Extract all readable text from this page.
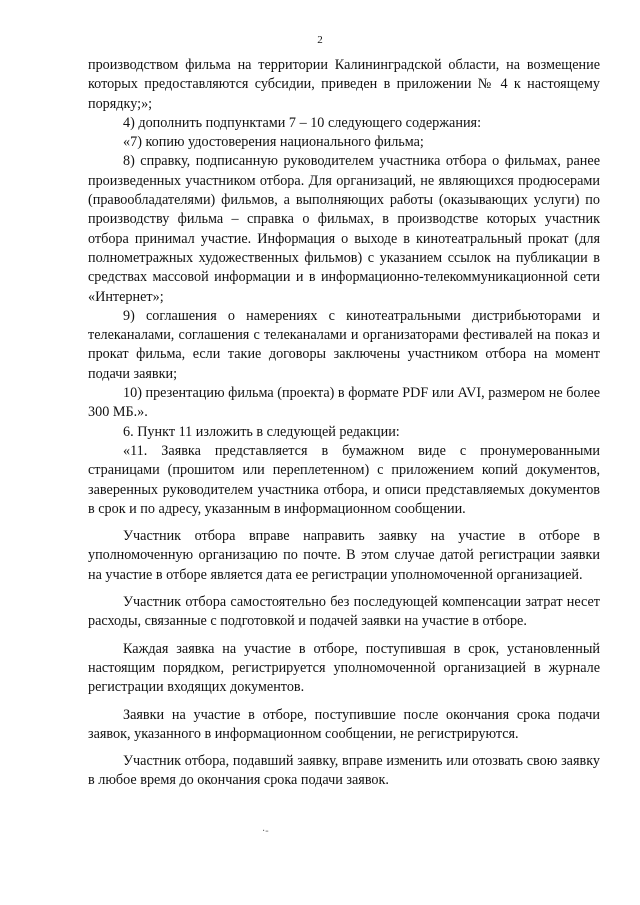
2

производством фильма на территории Калининградской области, на возмещение которых предоставляются субсидии, приведен в приложении № 4 к настоящему порядку;»;

4) дополнить подпунктами 7 – 10 следующего содержания:

«7) копию удостоверения национального фильма;

8) справку, подписанную руководителем участника отбора о фильмах, ранее произведенных участником отбора. Для организаций, не являющихся продюсерами (правообладателями) фильмов, а выполняющих работы (оказывающих услуги) по производству фильма – справка о фильмах, в производстве которых участник отбора принимал участие. Информация о выходе в кинотеатральный прокат (для полнометражных художественных фильмов) с указанием ссылок на публикации в средствах массовой информации и в информационно-телекоммуникационной сети «Интернет»;

9) соглашения о намерениях с кинотеатральными дистрибьюторами и телеканалами, соглашения с телеканалами и организаторами фестивалей на показ и прокат фильма, если такие договоры заключены участником отбора на момент подачи заявки;

10) презентацию фильма (проекта) в формате PDF или AVI, размером не более 300 МБ.».

6. Пункт 11 изложить в следующей редакции:

«11. Заявка представляется в бумажном виде с пронумерованными страницами (прошитом или переплетенном) с приложением копий документов, заверенных руководителем участника отбора, и описи представляемых документов в срок и по адресу, указанным в информационном сообщении.

Участник отбора вправе направить заявку на участие в отборе в уполномоченную организацию по почте. В этом случае датой регистрации заявки на участие в отборе является дата ее регистрации уполномоченной организацией.

Участник отбора самостоятельно без последующей компенсации затрат несет расходы, связанные с подготовкой и подачей заявки на участие в отборе.

Каждая заявка на участие в отборе, поступившая в срок, установленный настоящим порядком, регистрируется уполномоченной организацией в журнале регистрации входящих документов.

Заявки на участие в отборе, поступившие после окончания срока подачи заявок, указанного в информационном сообщении, не регистрируются.

Участник отбора, подавший заявку, вправе изменить или отозвать свою заявку в любое время до окончания срока подачи заявок.

·-
